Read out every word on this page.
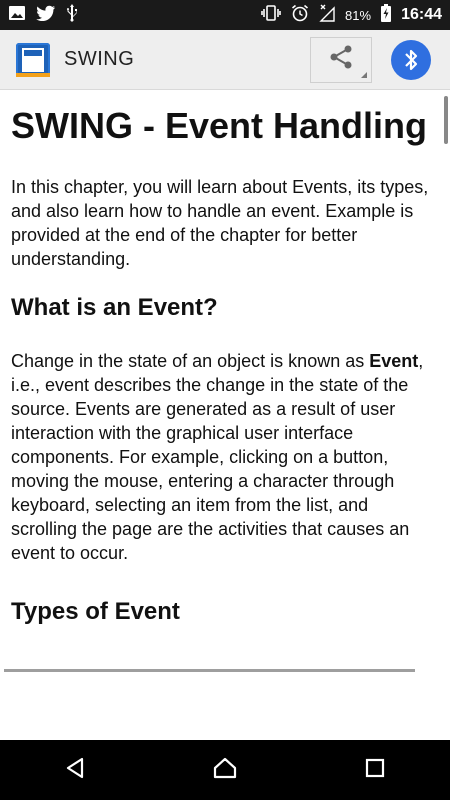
81% 16:44
SWING
SWING - Event Handling

In this chapter, you will learn about Events, its types, and also learn how to handle an event. Example is provided at the end of the chapter for better understanding.

What is an Event?

Change in the state of an object is known as Event, i.e., event describes the change in the state of the source. Events are generated as a result of user interaction with the graphical user interface components. For example, clicking on a button, moving the mouse, entering a character through keyboard, selecting an item from the list, and scrolling the page are the activities that causes an event to occur.

Types of Event
